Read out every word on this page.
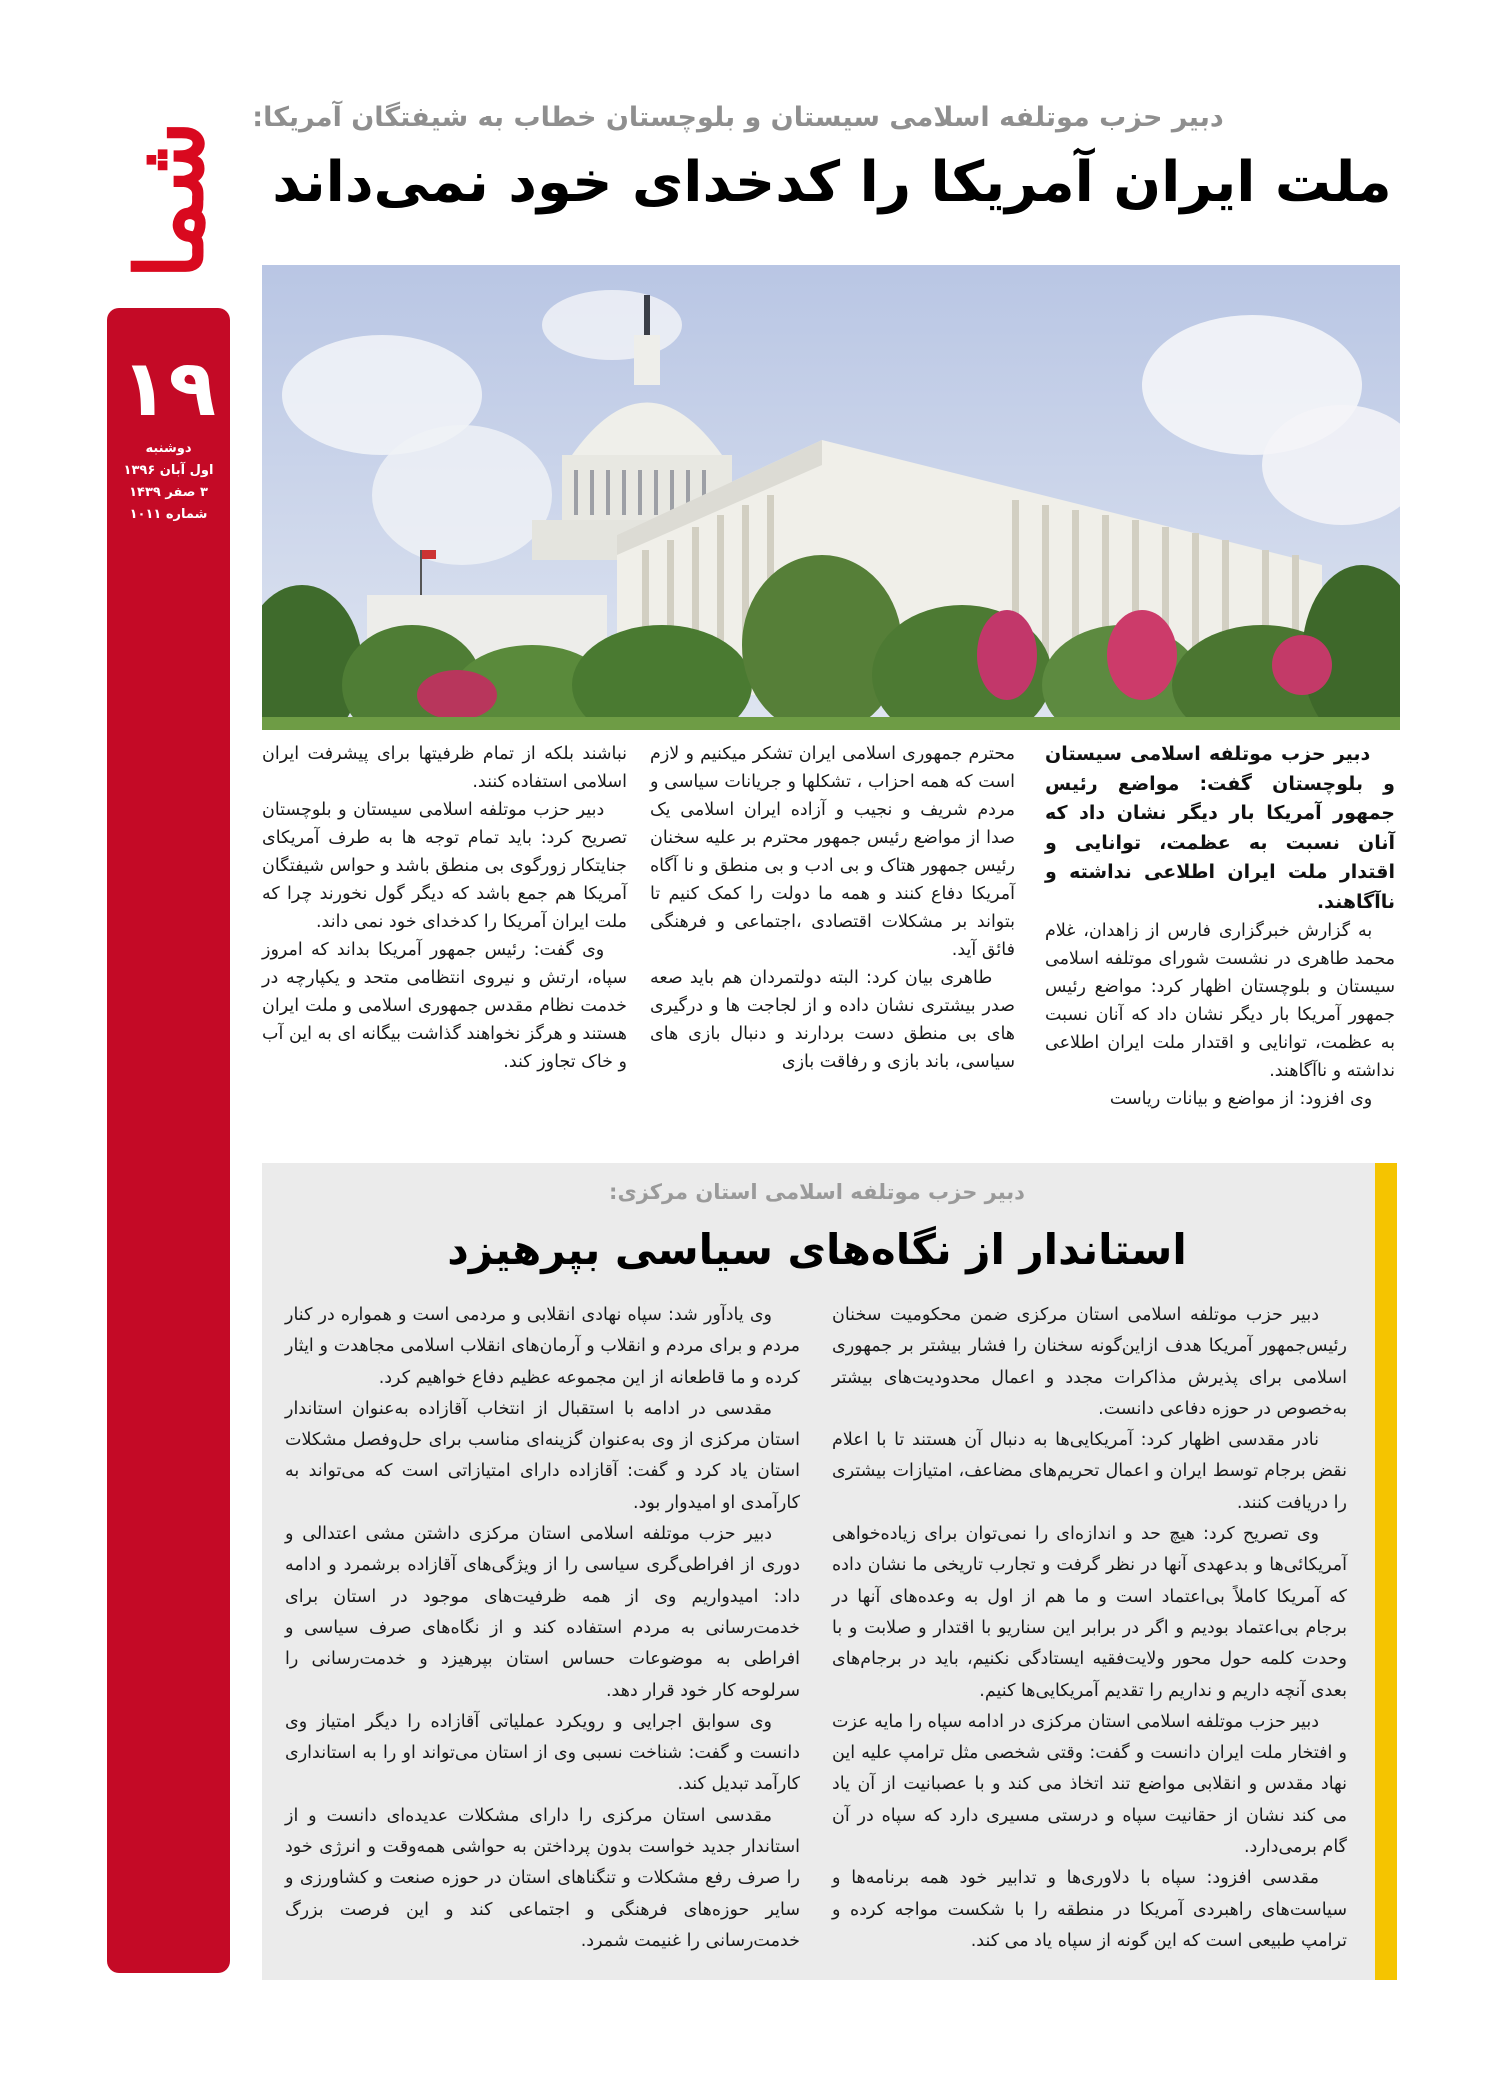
شما
۱۹
دوشنبه
اول آبان ۱۳۹۶
۳ صفر ۱۴۳۹
شماره ۱۰۱۱
دبیر حزب موتلفه اسلامی سیستان و بلوچستان خطاب به شیفتگان آمریکا:
ملت ایران آمریکا را کدخدای خود نمی‌داند

دبیر حزب موتلفه اسلامی سیستان و بلوچستان گفت: مواضع رئیس جمهور آمریکا بار دیگر نشان داد که آنان نسبت به عظمت، توانایی و اقتدار ملت ایران اطلاعی نداشته و ناآگاهند.

به گزارش خبرگزاری فارس از زاهدان، غلام محمد طاهری در نشست شورای موتلفه اسلامی سیستان و بلوچستان اظهار کرد: مواضع رئیس جمهور آمریکا بار دیگر نشان داد که آنان نسبت به عظمت، توانایی و اقتدار ملت ایران اطلاعی نداشته و ناآگاهند.

وی افزود: از مواضع و بیانات ریاست

محترم جمهوری اسلامی ایران تشکر میکنیم و لازم است که همه احزاب ، تشکلها و جریانات سیاسی و مردم شریف و نجیب و آزاده ایران اسلامی یک صدا از مواضع رئیس جمهور محترم بر علیه سخنان رئیس جمهور هتاک و بی ادب و بی منطق و نا آگاه آمریکا دفاع کنند و همه ما دولت را کمک کنیم تا بتواند بر مشکلات اقتصادی ،اجتماعی و فرهنگی فائق آید.

طاهری بیان کرد: البته دولتمردان هم باید صعه صدر بیشتری نشان داده و از لجاجت ها و درگیری های بی منطق دست بردارند و دنبال بازی های سیاسی، باند بازی و رفاقت بازی

نباشند بلکه از تمام ظرفیتها برای پیشرفت ایران اسلامی استفاده کنند.

دبیر حزب موتلفه اسلامی سیستان و بلوچستان تصریح کرد: باید تمام توجه ها به طرف آمریکای جنایتکار زورگوی بی منطق باشد و حواس شیفتگان آمریکا هم جمع باشد که دیگر گول نخورند چرا که ملت ایران آمریکا را کدخدای خود نمی داند.

وی گفت: رئیس جمهور آمریکا بداند که امروز سپاه، ارتش و نیروی انتظامی متحد و یکپارچه در خدمت نظام مقدس جمهوری اسلامی و ملت ایران هستند و هرگز نخواهند گذاشت بیگانه ای به این آب و خاک تجاوز کند.

دبیر حزب موتلفه اسلامی استان مرکزی:
استاندار از نگاه‌های سیاسی بپرهیزد

دبیر حزب موتلفه اسلامی استان مرکزی ضمن محکومیت سخنان رئیس‌جمهور آمریکا هدف ازاین‌گونه سخنان را فشار بیشتر بر جمهوری اسلامی برای پذیرش مذاکرات مجدد و اعمال محدودیت‌های بیشتر به‌خصوص در حوزه دفاعی دانست.

نادر مقدسی اظهار کرد: آمریکایی‌ها به دنبال آن هستند تا با اعلام نقض برجام توسط ایران و اعمال تحریم‌های مضاعف، امتیازات بیشتری را دریافت کنند.

وی تصریح کرد: هیچ حد و اندازه‌ای را نمی‌توان برای زیاده‌خواهی آمریکائی‌ها و بدعهدی آنها در نظر گرفت و تجارب تاریخی ما نشان داده که آمریکا کاملاً بی‌اعتماد است و ما هم از اول به وعده‌های آنها در برجام بی‌اعتماد بودیم و اگر در برابر این سناریو با اقتدار و صلابت و با وحدت کلمه حول محور ولایت‌فقیه ایستادگی نکنیم، باید در برجام‌های بعدی آنچه داریم و نداریم را تقدیم آمریکایی‌ها کنیم.

دبیر حزب موتلفه اسلامی استان مرکزی در ادامه سپاه را مایه عزت و افتخار ملت ایران دانست و گفت: وقتی شخصی مثل ترامپ علیه این نهاد مقدس و انقلابی مواضع تند اتخاذ می کند و با عصبانیت از آن یاد می کند نشان از حقانیت سپاه و درستی مسیری دارد که سپاه در آن گام برمی‌دارد.

مقدسی افزود: سپاه با دلاوری‌ها و تدابیر خود همه برنامه‌ها و سیاست‌های راهبردی آمریکا در منطقه را با شکست مواجه کرده و ترامپ طبیعی است که این گونه از سپاه یاد می کند.

وی یادآور شد: سپاه نهادی انقلابی و مردمی است و همواره در کنار مردم و برای مردم و انقلاب و آرمان‌های انقلاب اسلامی مجاهدت و ایثار کرده و ما قاطعانه از این مجموعه عظیم دفاع خواهیم کرد.

مقدسی در ادامه با استقبال از انتخاب آقازاده به‌عنوان استاندار استان مرکزی از وی به‌عنوان گزینه‌ای مناسب برای حل‌وفصل مشکلات استان یاد کرد و گفت: آقازاده دارای امتیازاتی است که می‌تواند به کارآمدی او امیدوار بود.

دبیر حزب موتلفه اسلامی استان مرکزی داشتن مشی اعتدالی و دوری از افراطی‌گری سیاسی را از ویژگی‌های آقازاده برشمرد و ادامه داد: امیدواریم وی از همه ظرفیت‌های موجود در استان برای خدمت‌رسانی به مردم استفاده کند و از نگاه‌های صرف سیاسی و افراطی به موضوعات حساس استان بپرهیزد و خدمت‌رسانی را سرلوحه کار خود قرار دهد.

وی سوابق اجرایی و رویکرد عملیاتی آقازاده را دیگر امتیاز وی دانست و گفت: شناخت نسبی وی از استان می‌تواند او را به استانداری کارآمد تبدیل کند.

مقدسی استان مرکزی را دارای مشکلات عدیده‌ای دانست و از استاندار جدید خواست بدون پرداختن به حواشی همه‌وقت و انرژی خود را صرف رفع مشکلات و تنگناهای استان در حوزه صنعت و کشاورزی و سایر حوزه‌های فرهنگی و اجتماعی کند و این فرصت بزرگ خدمت‌رسانی را غنیمت شمرد.
